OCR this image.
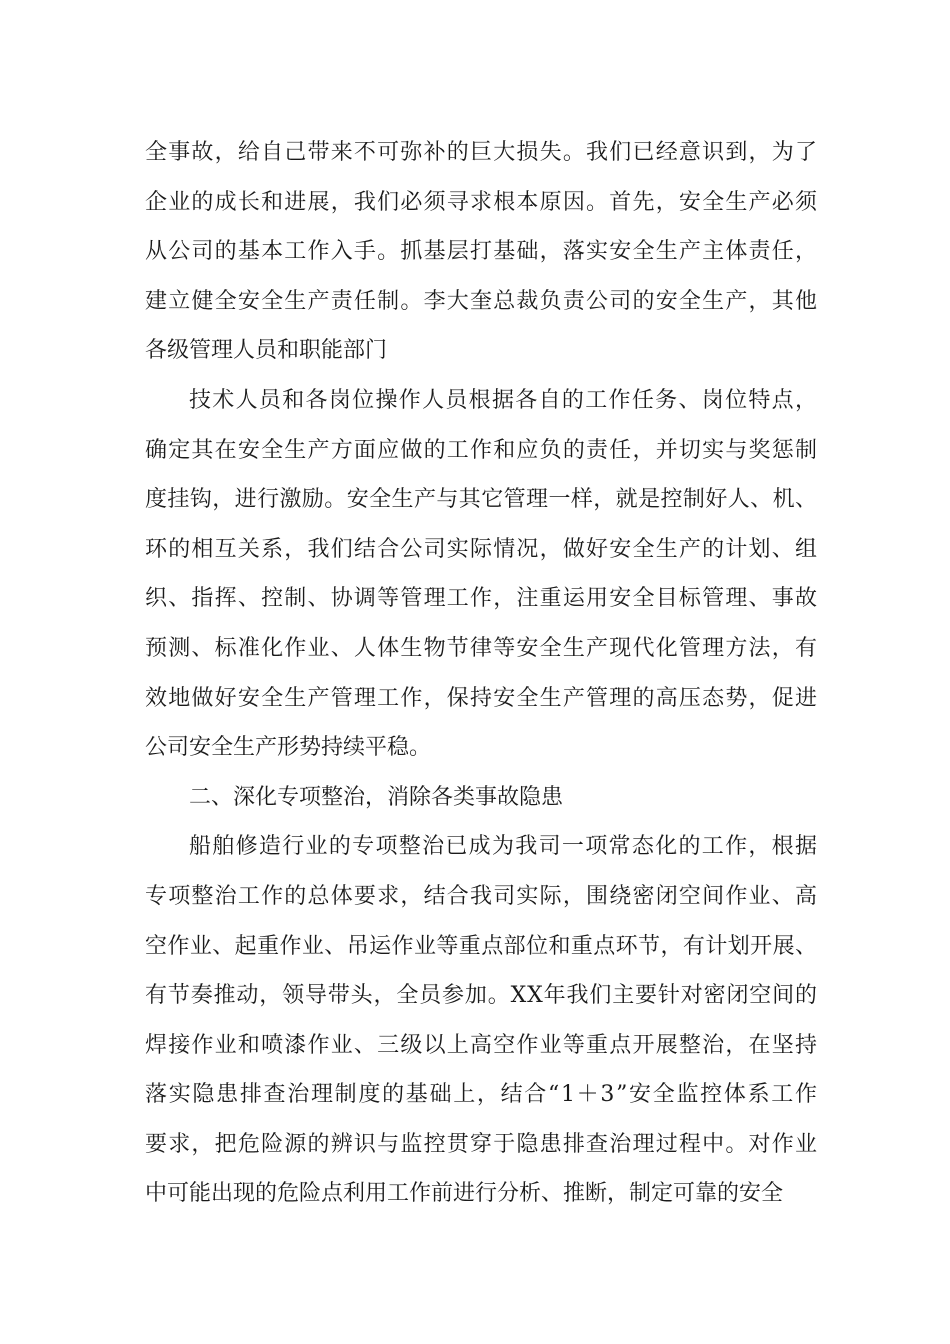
全事故，给自己带来不可弥补的巨大损失。我们已经意识到，为了
企业的成长和进展，我们必须寻求根本原因。首先，安全生产必须
从公司的基本工作入手。抓基层打基础，落实安全生产主体责任，
建立健全安全生产责任制。李大奎总裁负责公司的安全生产，其他
各级管理人员和职能部门
技术人员和各岗位操作人员根据各自的工作任务、岗位特点，
确定其在安全生产方面应做的工作和应负的责任，并切实与奖惩制
度挂钩，进行激励。安全生产与其它管理一样，就是控制好人、机、
环的相互关系，我们结合公司实际情况，做好安全生产的计划、组
织、指挥、控制、协调等管理工作，注重运用安全目标管理、事故
预测、标准化作业、人体生物节律等安全生产现代化管理方法，有
效地做好安全生产管理工作，保持安全生产管理的高压态势，促进
公司安全生产形势持续平稳。
二、深化专项整治，消除各类事故隐患
船舶修造行业的专项整治已成为我司一项常态化的工作，根据
专项整治工作的总体要求，结合我司实际，围绕密闭空间作业、高
空作业、起重作业、吊运作业等重点部位和重点环节，有计划开展、
有节奏推动，领导带头，全员参加。XX年我们主要针对密闭空间的
焊接作业和喷漆作业、三级以上高空作业等重点开展整治，在坚持
落实隐患排查治理制度的基础上，结合“1＋3”安全监控体系工作
要求，把危险源的辨识与监控贯穿于隐患排查治理过程中。对作业
中可能出现的危险点利用工作前进行分析、推断，制定可靠的安全
